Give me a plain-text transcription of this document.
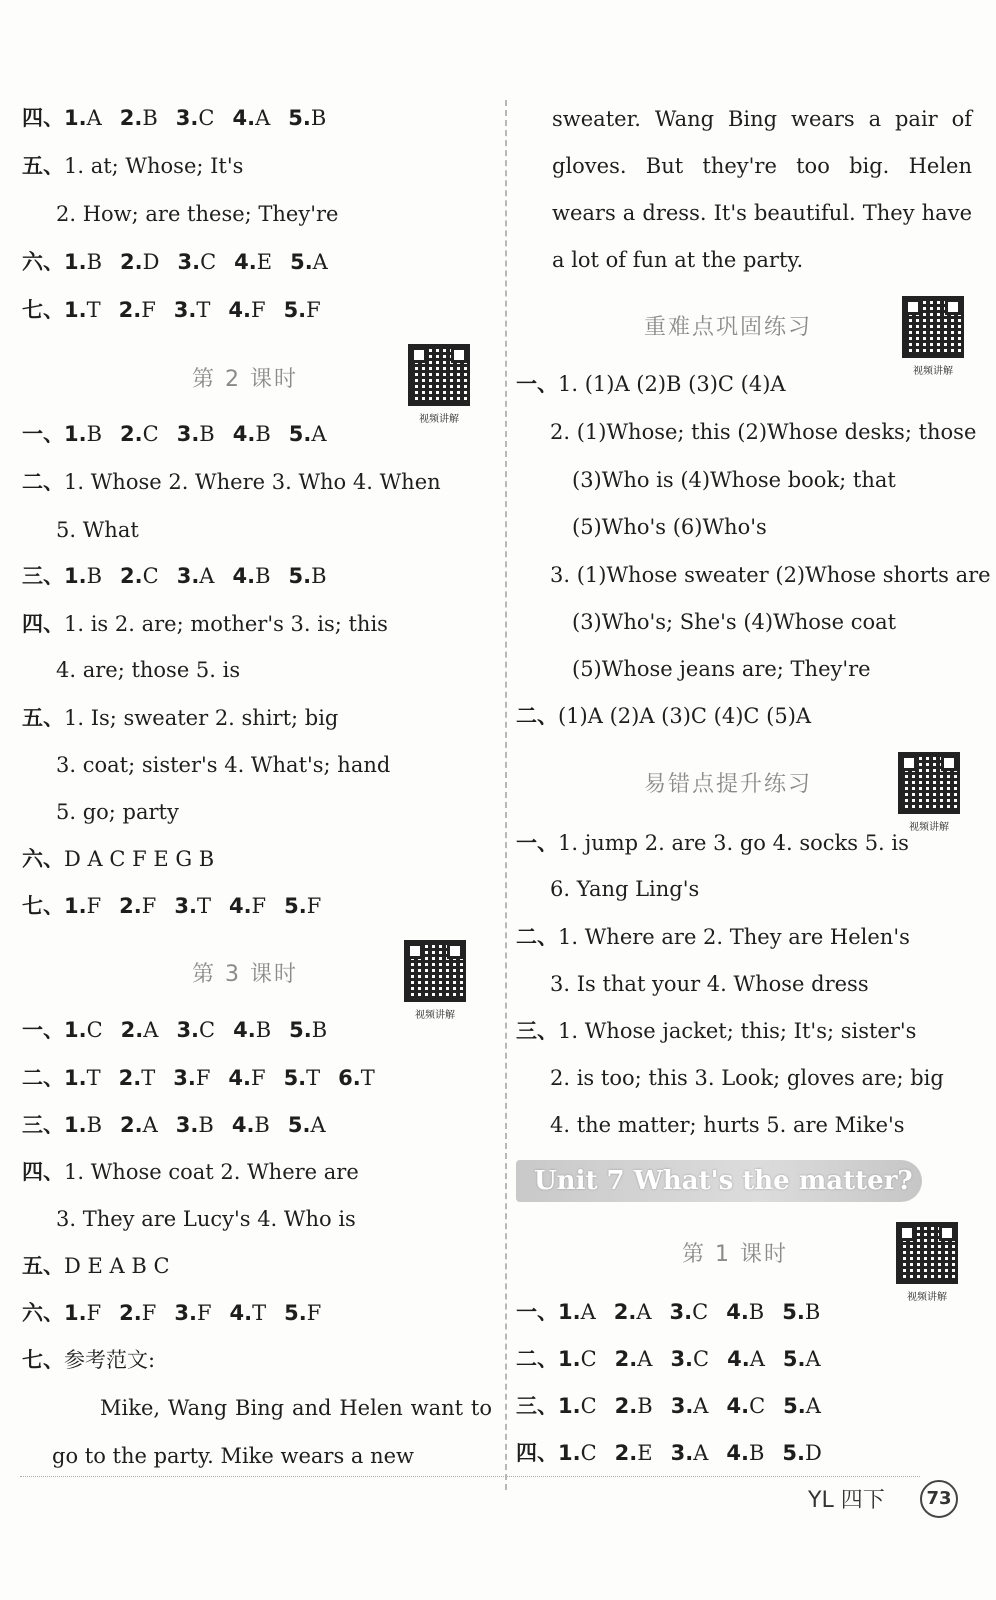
四、1.A 2.B 3.C 4.A 5.B
五、1. at; Whose; It's
2. How; are these; They're
六、1.B 2.D 3.C 4.E 5.A
七、1.T 2.F 3.T 4.F 5.F
一、1.B 2.C 3.B 4.B 5.A
二、1. Whose 2. Where 3. Who 4. When
5. What
三、1.B 2.C 3.A 4.B 5.B
四、1. is 2. are; mother's 3. is; this
4. are; those 5. is
五、1. Is; sweater 2. shirt; big
3. coat; sister's 4. What's; hand
5. go; party
六、D A C F E G B
七、1.F 2.F 3.T 4.F 5.F
一、1.C 2.A 3.C 4.B 5.B
二、1.T 2.T 3.F 4.F 5.T 6.T
三、1.B 2.A 3.B 4.B 5.A
四、1. Whose coat 2. Where are
3. They are Lucy's 4. Who is
五、D E A B C
六、1.F 2.F 3.F 4.T 5.F
七、参考范文:
第 2 课时
第 3 课时
视频讲解
视频讲解
Mike, Wang Bing and Helen want to go to the party. Mike wears a new
一、1. (1)A (2)B (3)C (4)A
2. (1)Whose; this (2)Whose desks; those
(3)Who is (4)Whose book; that
(5)Who's (6)Who's
3. (1)Whose sweater (2)Whose shorts are
(3)Who's; She's (4)Whose coat
(5)Whose jeans are; They're
二、(1)A (2)A (3)C (4)C (5)A
一、1. jump 2. are 3. go 4. socks 5. is
6. Yang Ling's
二、1. Where are 2. They are Helen's
3. Is that your 4. Whose dress
三、1. Whose jacket; this; It's; sister's
2. is too; this 3. Look; gloves are; big
4. the matter; hurts 5. are Mike's
一、1.A 2.A 3.C 4.B 5.B
二、1.C 2.A 3.C 4.A 5.A
三、1.C 2.B 3.A 4.C 5.A
四、1.C 2.E 3.A 4.B 5.D
重难点巩固练习
易错点提升练习
第 1 课时
视频讲解
视频讲解
视频讲解
sweater. Wang Bing wears a pair of gloves. But they're too big. Helen wears a dress. It's beautiful. They have a lot of fun at the party.
Unit 7 What's the matter?
YL 四下	73
